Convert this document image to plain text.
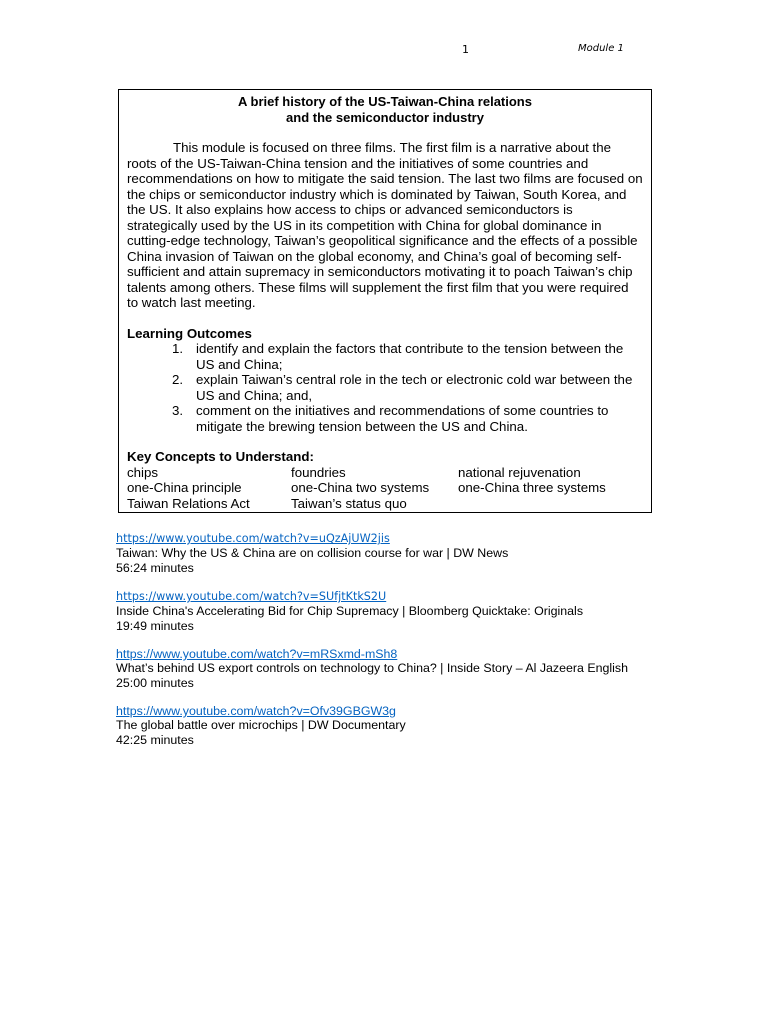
1	Module 1

A brief history of the US-Taiwan-China relations
and the semiconductor industry

This module is focused on three films. The first film is a narrative about the roots of the US-Taiwan-China tension and the initiatives of some countries and recommendations on how to mitigate the said tension. The last two films are focused on the chips or semiconductor industry which is dominated by Taiwan, South Korea, and the US. It also explains how access to chips or advanced semiconductors is strategically used by the US in its competition with China for global dominance in cutting-edge technology, Taiwan’s geopolitical significance and the effects of a possible China invasion of Taiwan on the global economy, and China’s goal of becoming self-sufficient and attain supremacy in semiconductors motivating it to poach Taiwan’s chip talents among others. These films will supplement the first film that you were required to watch last meeting.

Learning Outcomes

1. identify and explain the factors that contribute to the tension between the US and China;
2. explain Taiwan’s central role in the tech or electronic cold war between the US and China; and,
3. comment on the initiatives and recommendations of some countries to mitigate the brewing tension between the US and China.

Key Concepts to Understand:

chips	foundries	national rejuvenation
one-China principle	one-China two systems	one-China three systems
Taiwan Relations Act	Taiwan’s status quo
https://www.youtube.com/watch?v=uQzAjUW2jis
Taiwan: Why the US & China are on collision course for war | DW News
56:24 minutes
https://www.youtube.com/watch?v=SUfjtKtkS2U
Inside China's Accelerating Bid for Chip Supremacy | Bloomberg Quicktake: Originals
19:49 minutes
https://www.youtube.com/watch?v=mRSxmd-mSh8
What’s behind US export controls on technology to China? | Inside Story – Al Jazeera English
25:00 minutes
https://www.youtube.com/watch?v=Ofv39GBGW3g
The global battle over microchips | DW Documentary
42:25 minutes
